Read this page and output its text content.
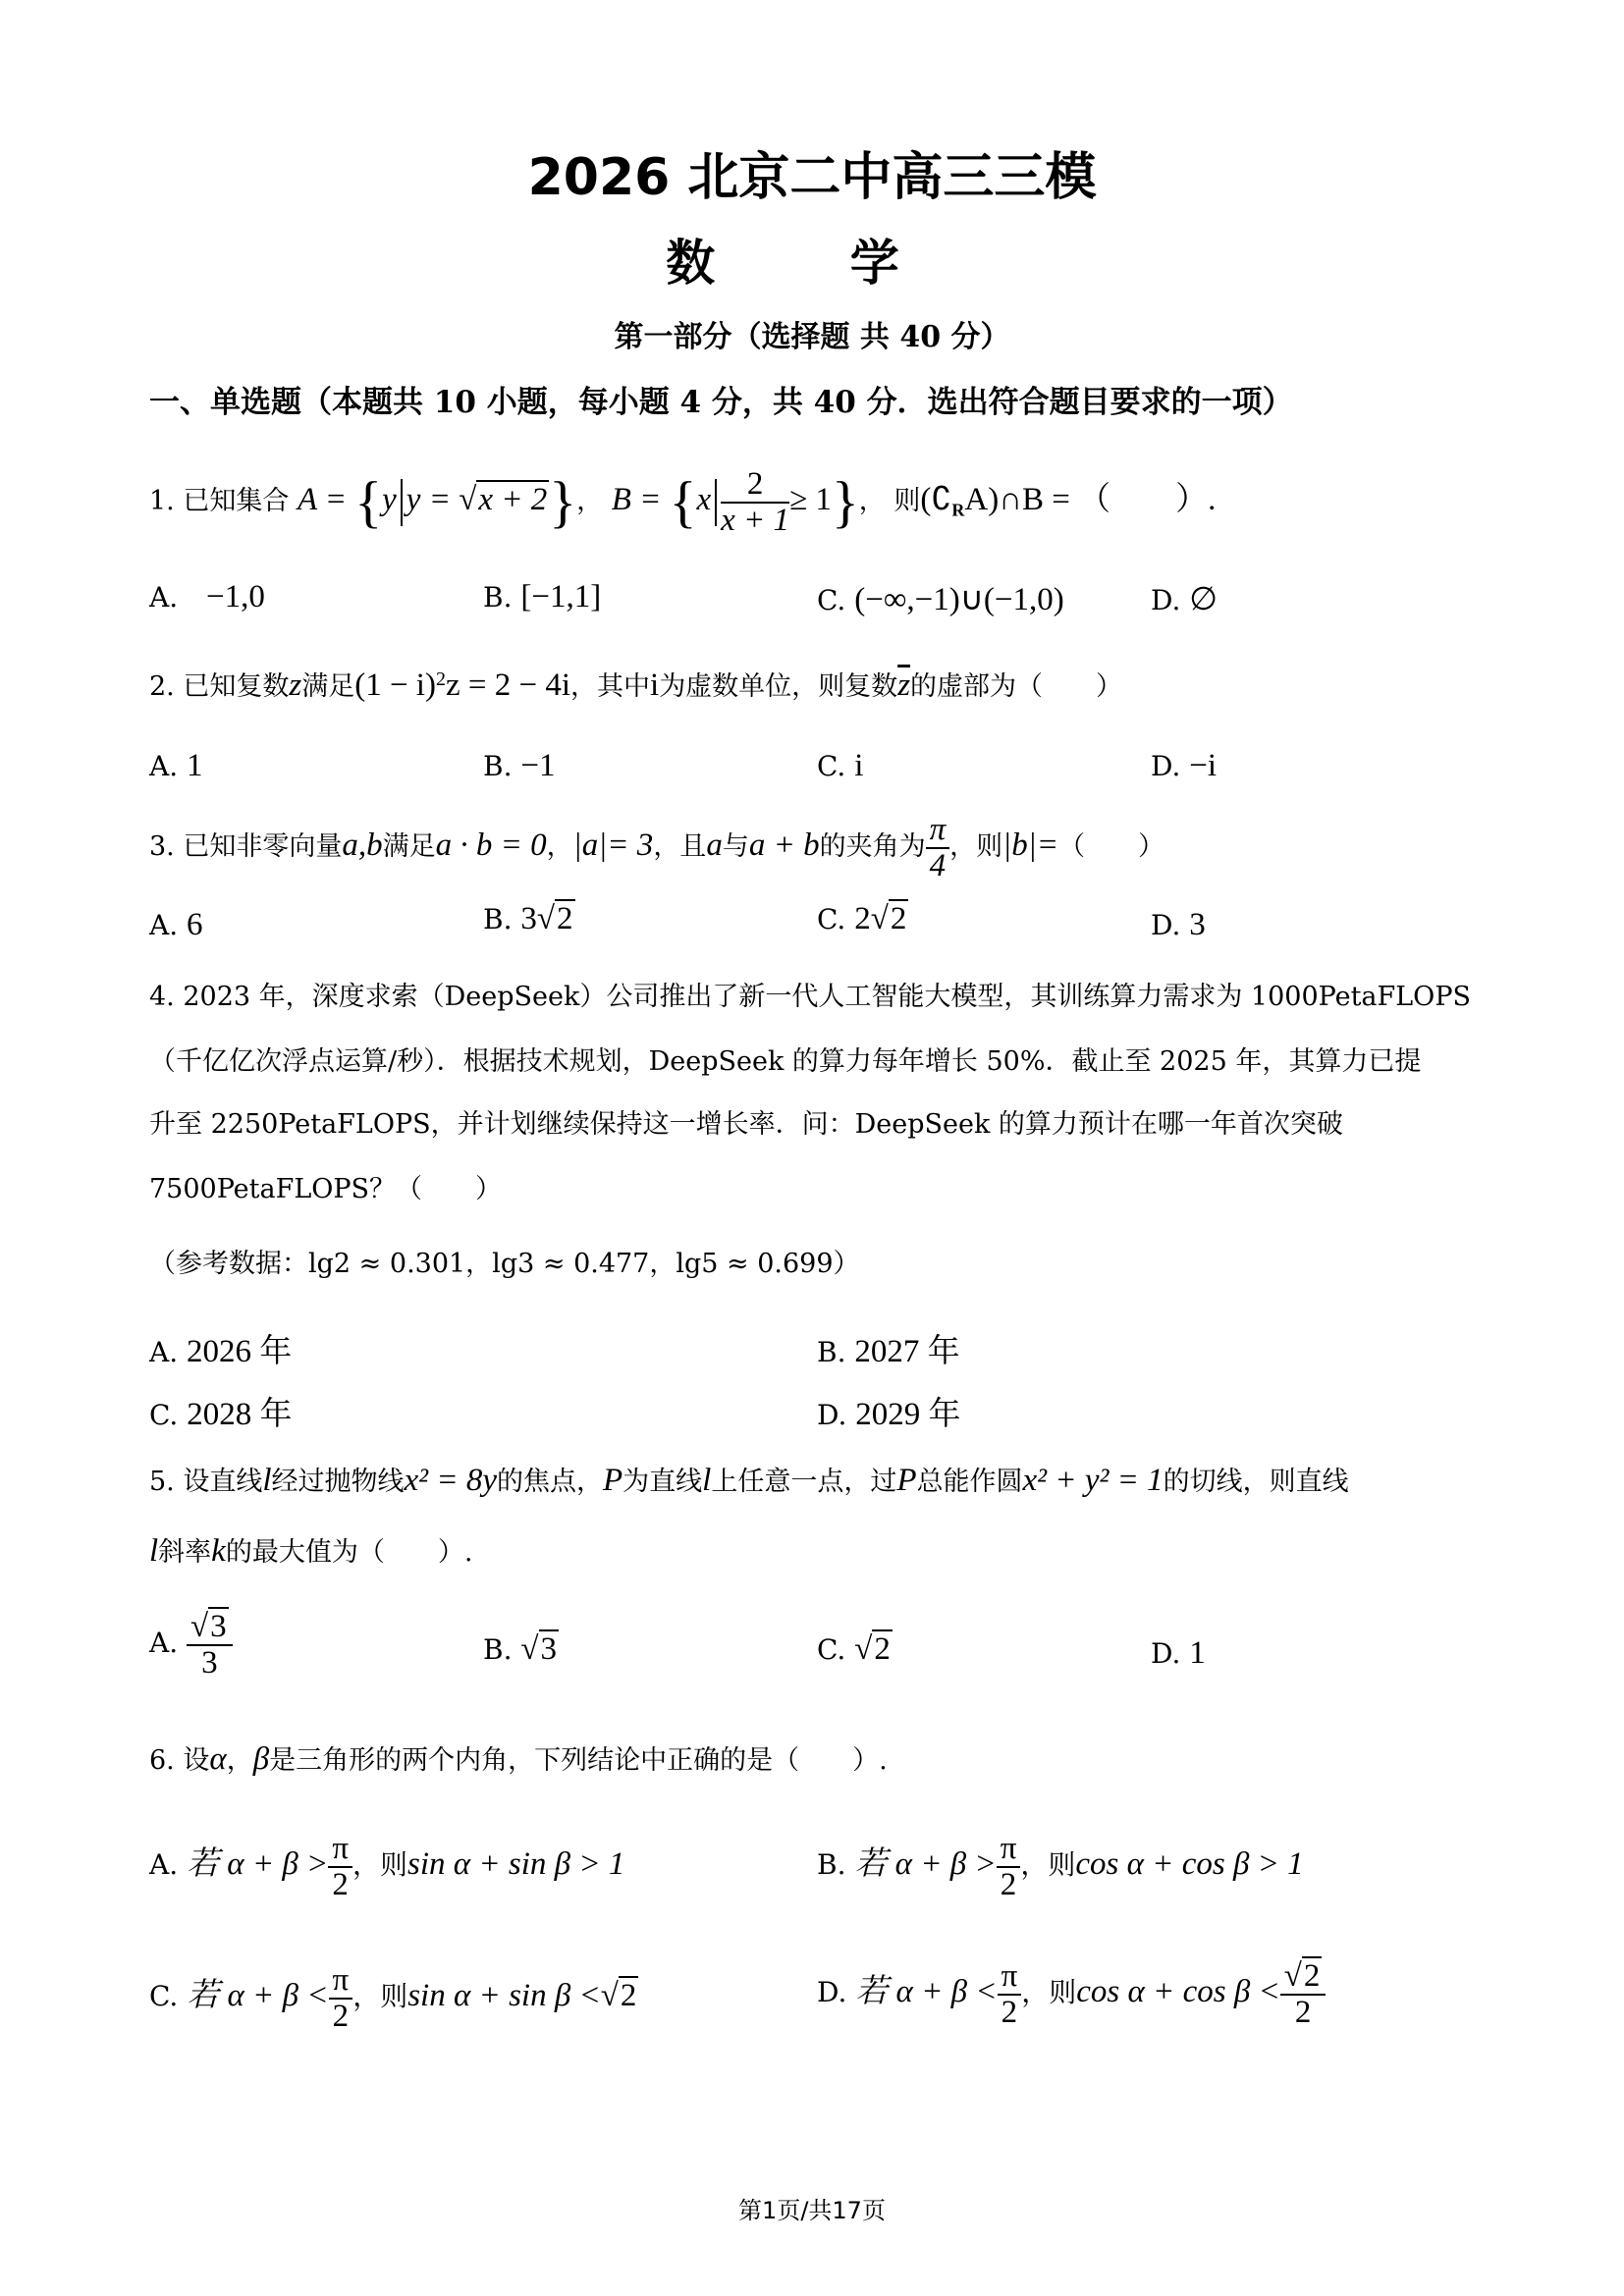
2026 北京二中高三三模
数 学
第一部分（选择题 共 40 分）
一、单选题（本题共 10 小题，每小题 4 分，共 40 分．选出符合题目要求的一项）
1. 已知集合 A = {y y = √x + 2}， $B = \{x \frac{2}{x + 1} \ge 1\}$， 则$(∁_RA)\cap B$ = （　　）.
A. −1,0	B. [−1,1]	C. (−∞,−1)∪(−1,0)	D. ∅
2. 已知复数z满足$(1 - i)^2z = 2 - 4i$，其中i为虚数单位，则复数$\overline{z}$的虚部为（　　）
A. 1	B. −1	C. i	D. −i
3. 已知非零向量a,b满足a · b = 0，|a|= 3，且a与a + b的夹角为 $\frac{\pi}{4}$ ，则|b|=（　　）
A. 6	B. 3√2	C. 2√2	D. 3
4. 2023 年，深度求索（DeepSeek）公司推出了新一代人工智能大模型，其训练算力需求为 1000PetaFLOPS
（千亿亿次浮点运算/秒）．根据技术规划，DeepSeek 的算力每年增长 50%．截止至 2025 年，其算力已提
升至 2250PetaFLOPS，并计划继续保持这一增长率．问：DeepSeek 的算力预计在哪一年首次突破
7500PetaFLOPS？（　　）
（参考数据：lg2 ≈ 0.301，lg3 ≈ 0.477，lg5 ≈ 0.699）
A. 2026 年	B. 2027 年
C. 2028 年	D. 2029 年
5. 设直线l经过抛物线x² = 8y的焦点，P为直线l上任意一点，过P总能作圆x² + y² = 1的切线，则直线
l斜率k的最大值为（　　）.
A. $\frac{√3}{3}$	B. √3	C. √2	D. 1
6. 设α，β是三角形的两个内角，下列结论中正确的是（　　）.
A. 若 $\alpha + \beta > \frac{\pi}{2}$ ，则sin α + sin β > 1	B. 若 $\alpha + \beta > \frac{\pi}{2}$ ，则cos α + cos β > 1
C. 若 $\alpha + \beta < \frac{\pi}{2}$ ，则sin α + sin β <√2	D. 若 $\alpha + \beta < \frac{\pi}{2}$ ，则$\cos \alpha + \cos \beta < \frac{√2}{2}$
第1页/共17页
